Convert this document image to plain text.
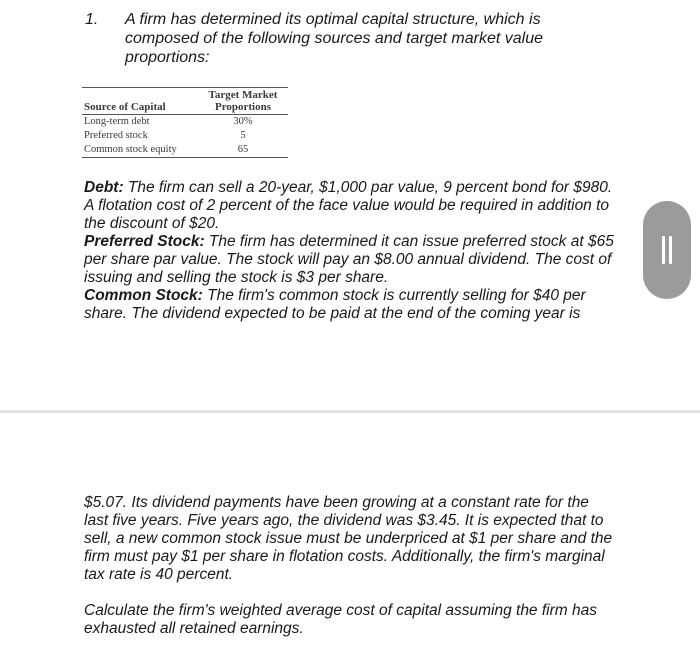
1. A firm has determined its optimal capital structure, which is composed of the following sources and target market value proportions:
Source of Capital	Target Market Proportions
Long-term debt	30%
Preferred stock	5
Common stock equity	65

Debt: The firm can sell a 20-year, $1,000 par value, 9 percent bond for $980. A flotation cost of 2 percent of the face value would be required in addition to the discount of $20.

Preferred Stock: The firm has determined it can issue preferred stock at $65 per share par value. The stock will pay an $8.00 annual dividend. The cost of issuing and selling the stock is $3 per share.

Common Stock: The firm's common stock is currently selling for $40 per share. The dividend expected to be paid at the end of the coming year is

$5.07. Its dividend payments have been growing at a constant rate for the last five years. Five years ago, the dividend was $3.45. It is expected that to sell, a new common stock issue must be underpriced at $1 per share and the firm must pay $1 per share in flotation costs. Additionally, the firm's marginal tax rate is 40 percent.

Calculate the firm's weighted average cost of capital assuming the firm has exhausted all retained earnings.
